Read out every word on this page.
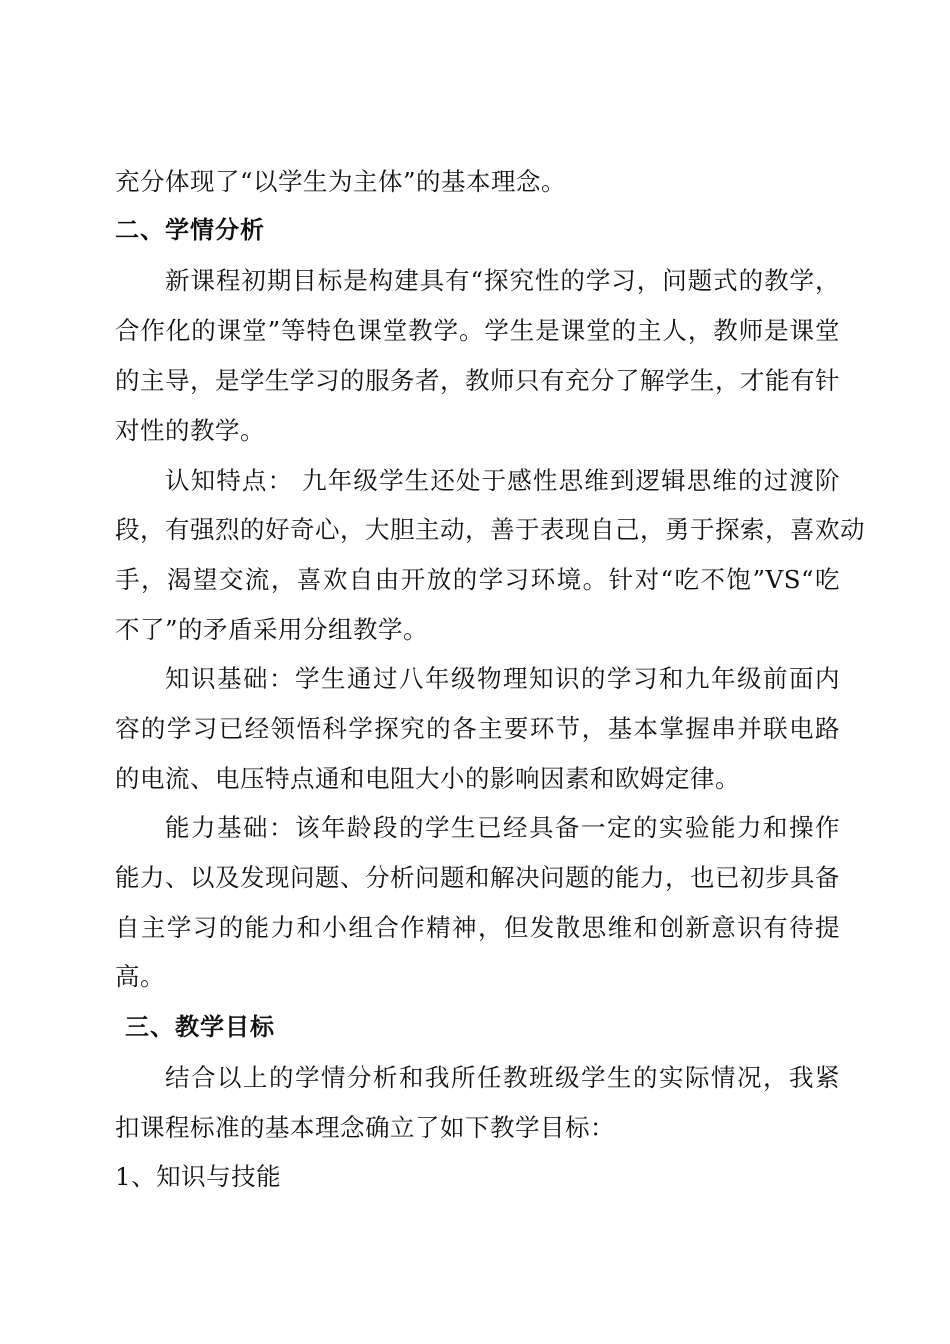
充分体现了“以学生为主体”的基本理念。
二、学情分析
新课程初期目标是构建具有“探究性的学习，问题式的教学，
合作化的课堂”等特色课堂教学。学生是课堂的主人，教师是课堂
的主导，是学生学习的服务者，教师只有充分了解学生，才能有针
对性的教学。
认知特点： 九年级学生还处于感性思维到逻辑思维的过渡阶
段，有强烈的好奇心，大胆主动，善于表现自己，勇于探索，喜欢动
手，渴望交流，喜欢自由开放的学习环境。针对“吃不饱”VS“吃
不了”的矛盾采用分组教学。
知识基础：学生通过八年级物理知识的学习和九年级前面内
容的学习已经领悟科学探究的各主要环节，基本掌握串并联电路
的电流、电压特点通和电阻大小的影响因素和欧姆定律。
能力基础：该年龄段的学生已经具备一定的实验能力和操作
能力、以及发现问题、分析问题和解决问题的能力，也已初步具备
自主学习的能力和小组合作精神，但发散思维和创新意识有待提
高。
三、教学目标
结合以上的学情分析和我所任教班级学生的实际情况，我紧
扣课程标准的基本理念确立了如下教学目标：
1、知识与技能
